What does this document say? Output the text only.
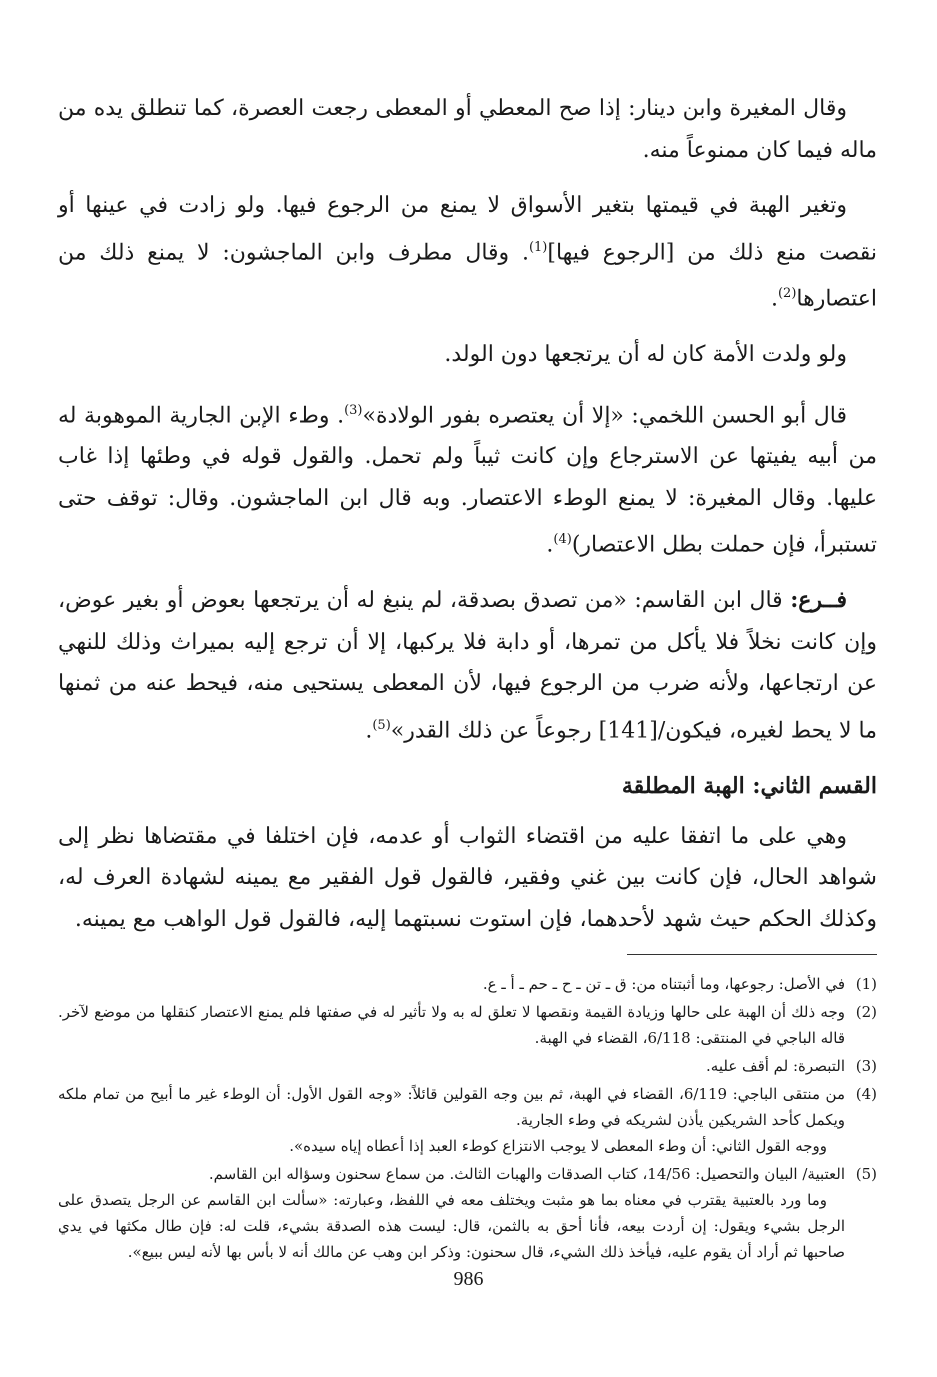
وقال المغيرة وابن دينار: إذا صح المعطي أو المعطى رجعت العصرة، كما تنطلق يده من ماله فيما كان ممنوعاً منه.

وتغير الهبة في قيمتها بتغير الأسواق لا يمنع من الرجوع فيها. ولو زادت في عينها أو نقصت منع ذلك من [الرجوع فيها]$^{(1)}$. وقال مطرف وابن الماجشون: لا يمنع ذلك من اعتصارها$^{(2)}$.

ولو ولدت الأمة كان له أن يرتجعها دون الولد.

قال أبو الحسن اللخمي: «إلا أن يعتصره بفور الولادة»$^{(3)}$. وطء الإبن الجارية الموهوبة له من أبيه يفيتها عن الاسترجاع وإن كانت ثيباً ولم تحمل. والقول قوله في وطئها إذا غاب عليها. وقال المغيرة: لا يمنع الوطء الاعتصار. وبه قال ابن الماجشون. وقال: توقف حتى تستبرأ، فإن حملت بطل الاعتصار)$^{(4)}$.

فــرع: قال ابن القاسم: «من تصدق بصدقة، لم ينبغ له أن يرتجعها بعوض أو بغير عوض، وإن كانت نخلاً فلا يأكل من تمرها، أو دابة فلا يركبها، إلا أن ترجع إليه بميراث وذلك للنهي عن ارتجاعها، ولأنه ضرب من الرجوع فيها، لأن المعطى يستحيى منه، فيحط عنه من ثمنها ما لا يحط لغيره، فيكون/[141] رجوعاً عن ذلك القدر»$^{(5)}$.

القسم الثاني: الهبة المطلقة

وهي على ما اتفقا عليه من اقتضاء الثواب أو عدمه، فإن اختلفا في مقتضاها نظر إلى شواهد الحال، فإن كانت بين غني وفقير، فالقول قول الفقير مع يمينه لشهادة العرف له، وكذلك الحكم حيث شهد لأحدهما، فإن استوت نسبتهما إليه، فالقول قول الواهب مع يمينه.

(1)

في الأصل: رجوعها، وما أثبتناه من: ق ـ تن ـ ح ـ حم ـ أ ـ ع.

(2)

وجه ذلك أن الهبة على حالها وزيادة القيمة ونقصها لا تعلق له به ولا تأثير له في صفتها فلم يمنع الاعتصار كنقلها من موضع لآخر. قاله الباجي في المنتقى: 6/118، القضاء في الهبة.

(3)

التبصرة: لم أقف عليه.

(4)

من منتقى الباجي: 6/119، القضاء في الهبة، ثم بين وجه القولين قائلاً: «وجه القول الأول: أن الوطء غير ما أبيح من تمام ملكه ويكمل كأحد الشريكين يأذن لشريكه في وطء الجارية.

ووجه القول الثاني: أن وطء المعطى لا يوجب الانتزاع كوطء العبد إذا أعطاه إياه سيده».

(5)

العتبية/ البيان والتحصيل: 14/56، كتاب الصدقات والهبات الثالث. من سماع سحنون وسؤاله ابن القاسم.

وما ورد بالعتبية يقترب في معناه بما هو مثبت ويختلف معه في اللفظ، وعبارته: «سألت ابن القاسم عن الرجل يتصدق على الرجل بشيء ويقول: إن أردت بيعه، فأنا أحق به بالثمن، قال: ليست هذه الصدقة بشيء، قلت له: فإن طال مكثها في يدي صاحبها ثم أراد أن يقوم عليه، فيأخذ ذلك الشيء، قال سحنون: وذكر ابن وهب عن مالك أنه لا بأس بها لأنه ليس ببيع».

986
